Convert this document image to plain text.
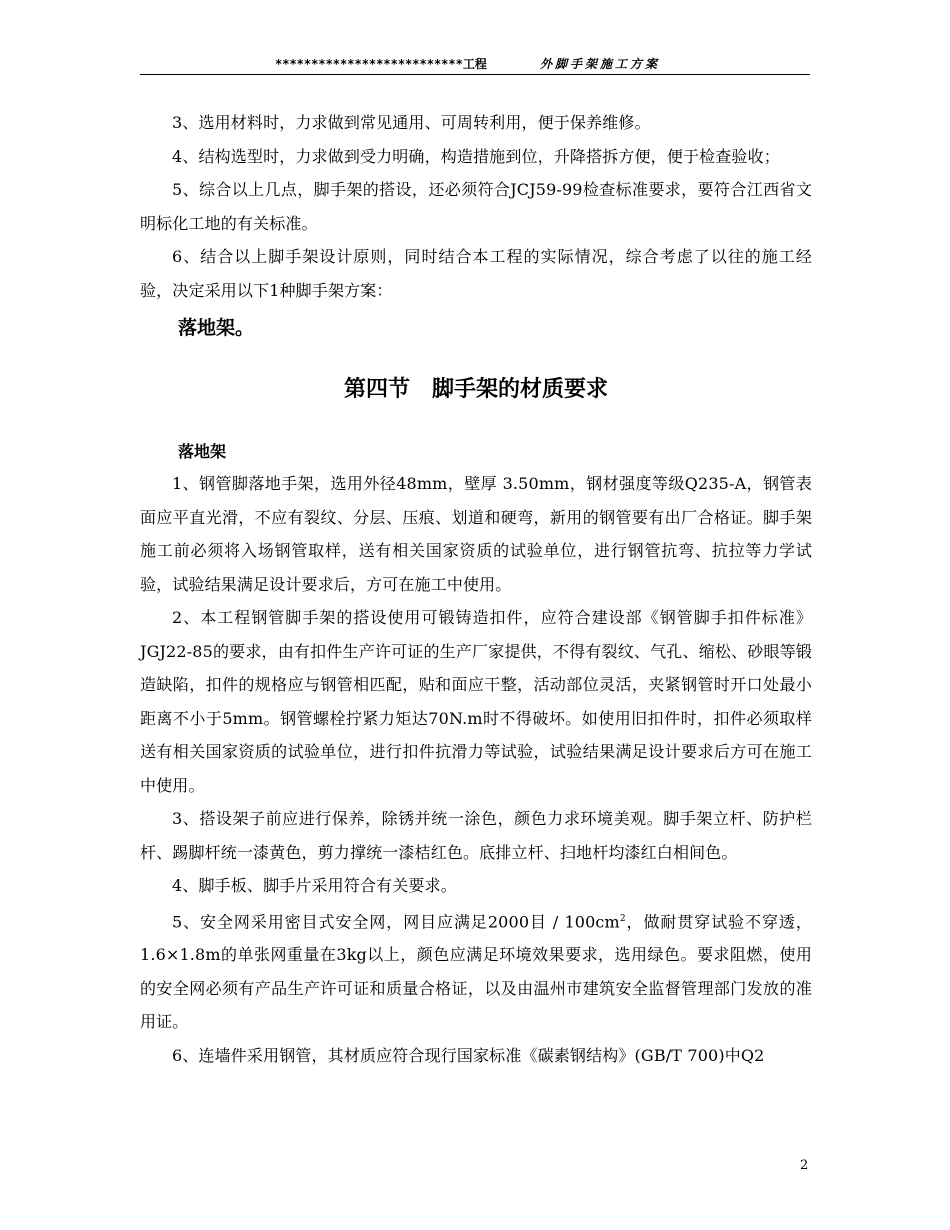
**************************工程	外脚手架施工方案

3、选用材料时，力求做到常见通用、可周转利用，便于保养维修。

4、结构选型时，力求做到受力明确，构造措施到位，升降搭拆方便，便于检查验收；

5、综合以上几点，脚手架的搭设，还必须符合JCJ59-99检查标准要求，要符合江西省文明标化工地的有关标准。

6、结合以上脚手架设计原则，同时结合本工程的实际情况，综合考虑了以往的施工经验，决定采用以下1种脚手架方案：

落地架。
第四节　脚手架的材质要求
落地架

1、钢管脚落地手架，选用外径48mm，壁厚 3.50mm，钢材强度等级Q235-A，钢管表面应平直光滑，不应有裂纹、分层、压痕、划道和硬弯，新用的钢管要有出厂合格证。脚手架施工前必须将入场钢管取样，送有相关国家资质的试验单位，进行钢管抗弯、抗拉等力学试验，试验结果满足设计要求后，方可在施工中使用。

2、本工程钢管脚手架的搭设使用可锻铸造扣件，应符合建设部《钢管脚手扣件标准》JGJ22-85的要求，由有扣件生产许可证的生产厂家提供，不得有裂纹、气孔、缩松、砂眼等锻造缺陷，扣件的规格应与钢管相匹配，贴和面应干整，活动部位灵活，夹紧钢管时开口处最小距离不小于5mm。钢管螺栓拧紧力矩达70N.m时不得破坏。如使用旧扣件时，扣件必须取样送有相关国家资质的试验单位，进行扣件抗滑力等试验，试验结果满足设计要求后方可在施工中使用。

3、搭设架子前应进行保养，除锈并统一涂色，颜色力求环境美观。脚手架立杆、防护栏杆、踢脚杆统一漆黄色，剪力撑统一漆桔红色。底排立杆、扫地杆均漆红白相间色。

4、脚手板、脚手片采用符合有关要求。

5、安全网采用密目式安全网，网目应满足2000目 / $100cm^2$，做耐贯穿试验不穿透，1.6×1.8m的单张网重量在3kg以上，颜色应满足环境效果要求，选用绿色。要求阻燃，使用的安全网必须有产品生产许可证和质量合格证，以及由温州市建筑安全监督管理部门发放的准用证。

6、连墙件采用钢管，其材质应符合现行国家标准《碳素钢结构》(GB/T 700)中Q2

2
